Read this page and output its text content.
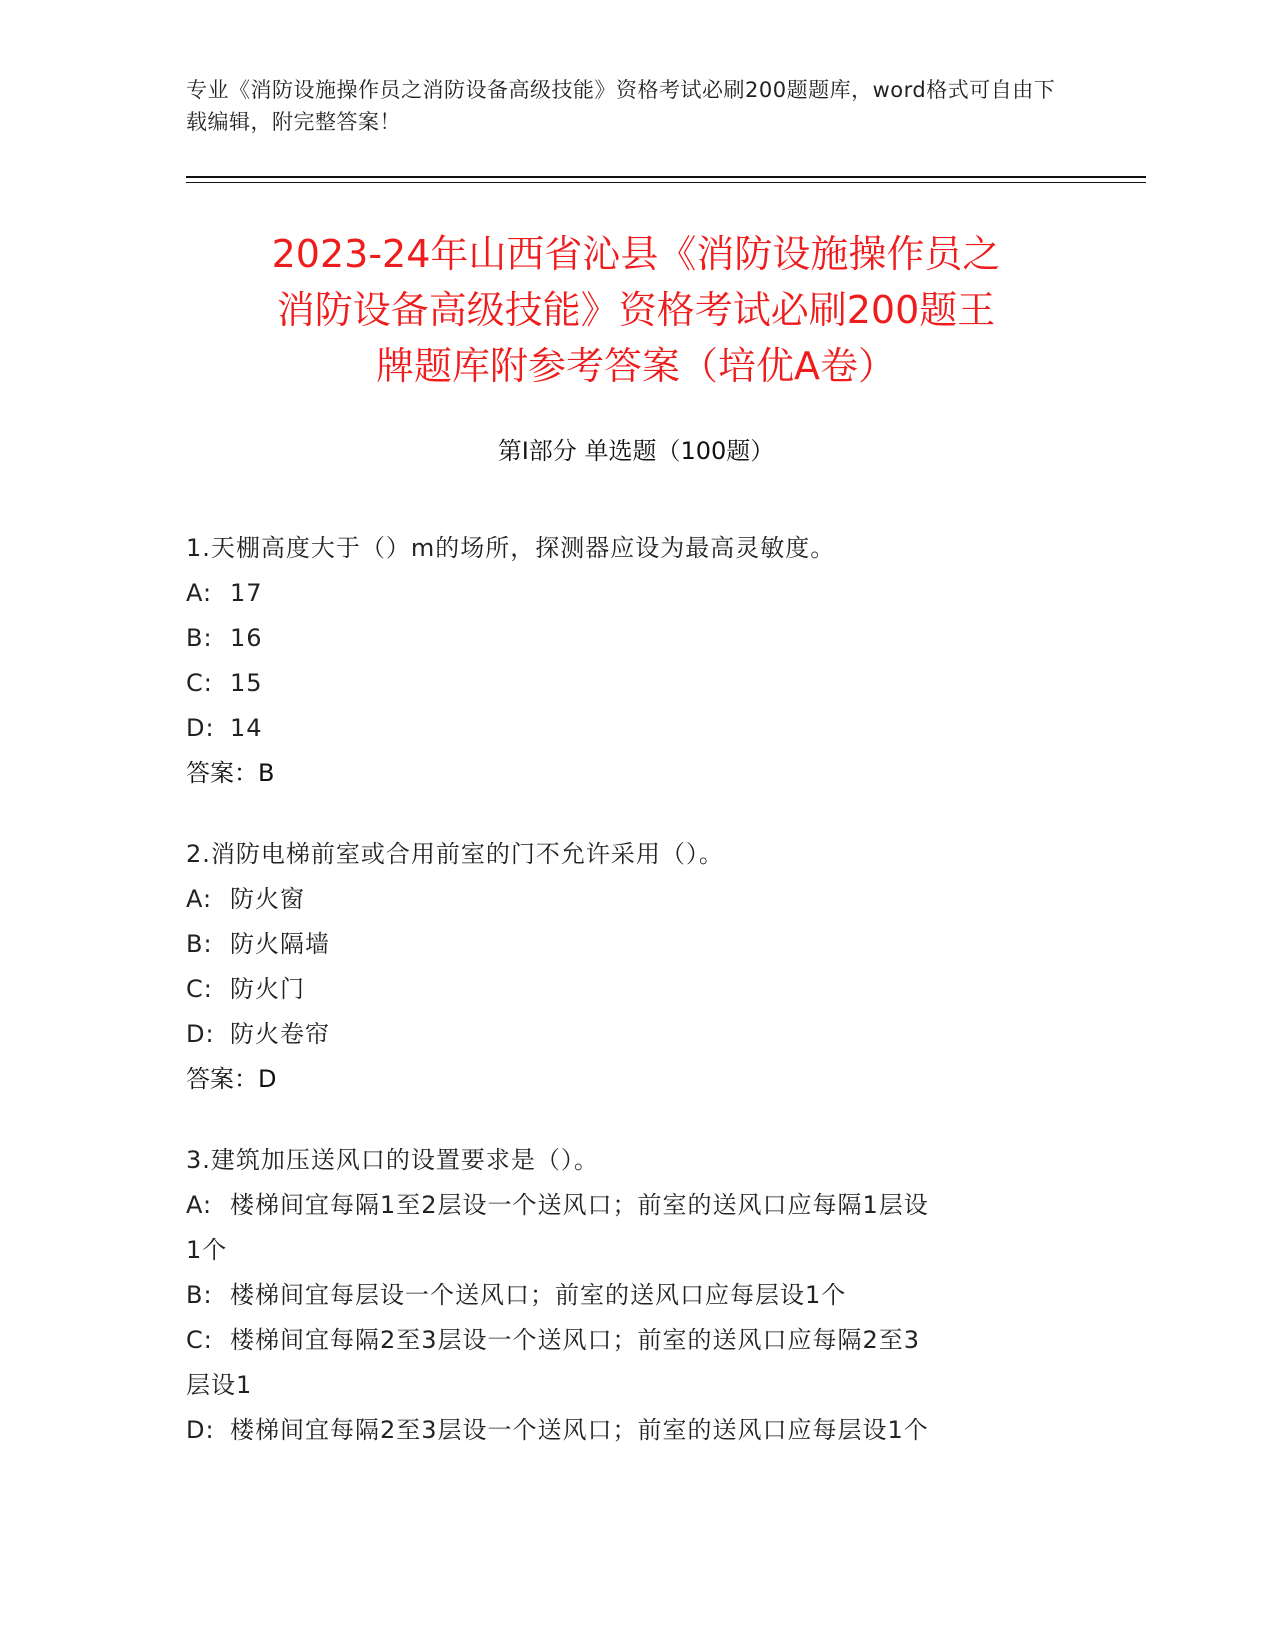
专业《消防设施操作员之消防设备高级技能》资格考试必刷200题题库，word格式可自由下载编辑，附完整答案！
2023-24年山西省沁县《消防设施操作员之
消防设备高级技能》资格考试必刷200题王
牌题库附参考答案（培优A卷）
第I部分 单选题（100题）
1.天棚高度大于（）m的场所，探测器应设为最高灵敏度。
A: 17
B: 16
C: 15
D: 14
答案：B
2.消防电梯前室或合用前室的门不允许采用（）。
A: 防火窗
B: 防火隔墙
C: 防火门
D: 防火卷帘
答案：D
3.建筑加压送风口的设置要求是（）。
A: 楼梯间宜每隔1至2层设一个送风口；前室的送风口应每隔1层设
1个
B: 楼梯间宜每层设一个送风口；前室的送风口应每层设1个
C: 楼梯间宜每隔2至3层设一个送风口；前室的送风口应每隔2至3
层设1
D: 楼梯间宜每隔2至3层设一个送风口；前室的送风口应每层设1个
